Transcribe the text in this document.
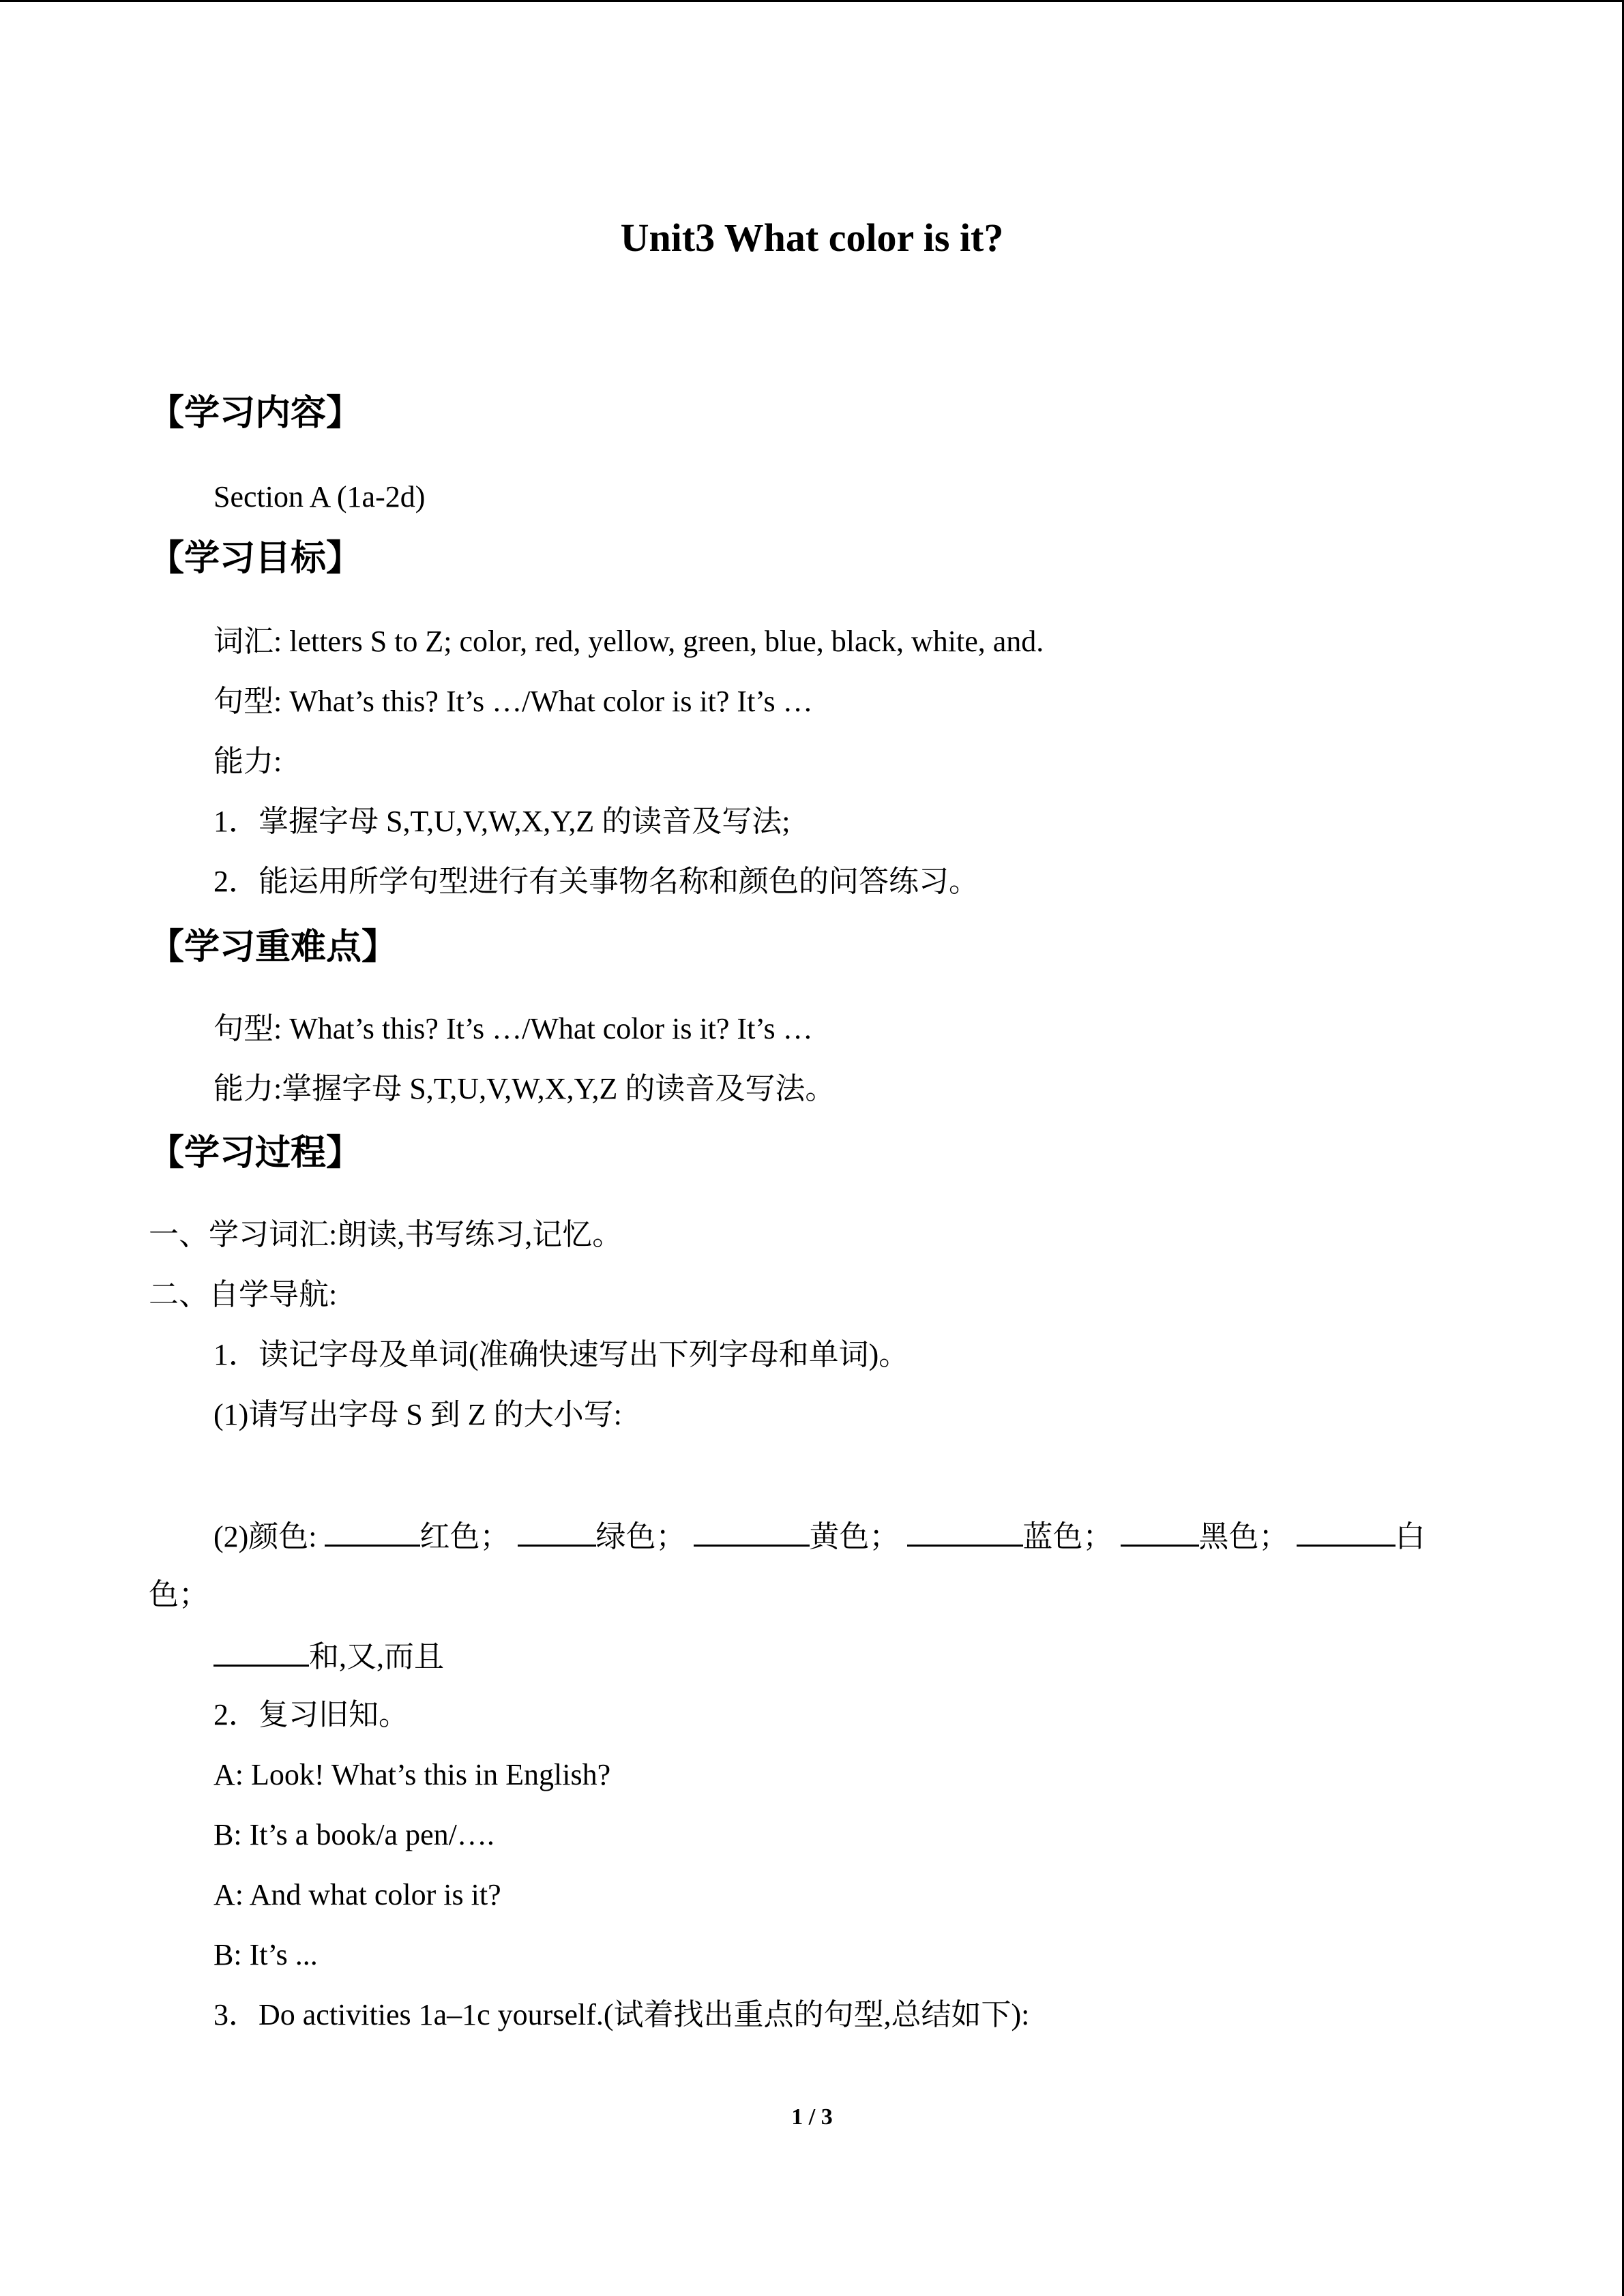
Unit3 What color is it?
【学习内容】
Section A (1a-2d)
【学习目标】
词汇: letters S to Z; color, red, yellow, green, blue, black, white, and.
句型: What’s this? It’s …/What color is it? It’s …
能力:
1．掌握字母 S,T,U,V,W,X,Y,Z 的读音及写法;
2．能运用所学句型进行有关事物名称和颜色的问答练习。
【学习重难点】
句型: What’s this? It’s …/What color is it? It’s …
能力:掌握字母 S,T,U,V,W,X,Y,Z 的读音及写法。
【学习过程】
一、学习词汇:朗读,书写练习,记忆。
二、自学导航:
1．读记字母及单词(准确快速写出下列字母和单词)。
(1)请写出字母 S 到 Z 的大小写:
(2)颜色:	红色；	绿色；	黄色；	蓝色；	黑色；	白
色；
和,又,而且
2．复习旧知。
A: Look! What’s this in English?
B: It’s a book/a pen/….
A: And what color is it?
B: It’s ...
3．Do activities 1a–1c yourself.(试着找出重点的句型,总结如下):
1 / 3
